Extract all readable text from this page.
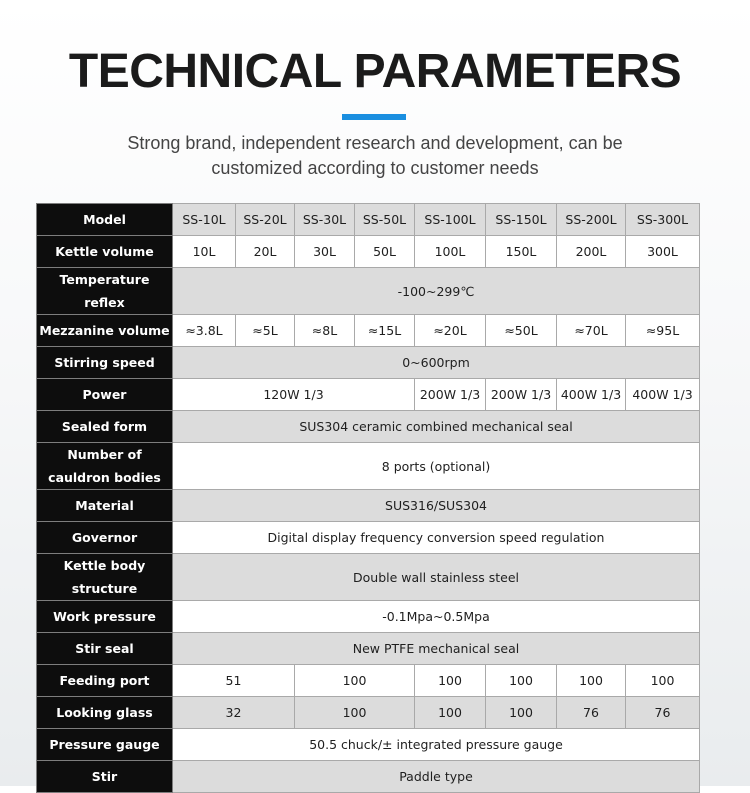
TECHNICAL PARAMETERS
Strong brand, independent research and development, can be customized according to customer needs
Model	SS-10L	SS-20L	SS-30L	SS-50L	SS-100L	SS-150L	SS-200L	SS-300L
Kettle volume	10L	20L	30L	50L	100L	150L	200L	300L
Temperature reflex	-100~299℃							
Mezzanine volume	≈3.8L	≈5L	≈8L	≈15L	≈20L	≈50L	≈70L	≈95L
Stirring speed	0~600rpm							
Power	120W 1/3				200W 1/3	200W 1/3	400W 1/3	400W 1/3
Sealed form	SUS304 ceramic combined mechanical seal							
Number of cauldron bodies	8 ports (optional)							
Material	SUS316/SUS304							
Governor	Digital display frequency conversion speed regulation							
Kettle body structure	Double wall stainless steel							
Work pressure	-0.1Mpa~0.5Mpa							
Stir seal	New PTFE mechanical seal							
Feeding port	51		100		100	100	100	100
Looking glass	32		100		100	100	76	76
Pressure gauge	50.5 chuck/± integrated pressure gauge							
Stir	Paddle type							
